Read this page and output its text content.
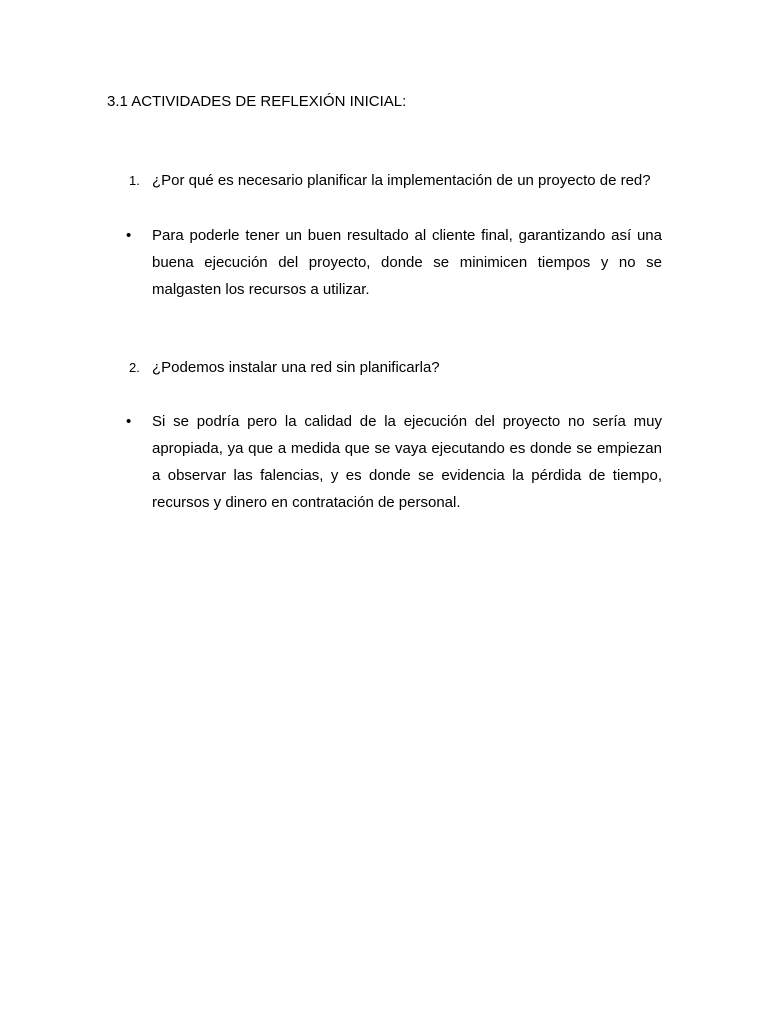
3.1 ACTIVIDADES DE REFLEXIÓN INICIAL:
1. ¿Por qué es necesario planificar la implementación de un proyecto de red?
•	Para poderle tener un buen resultado al cliente final, garantizando así una buena ejecución del proyecto, donde se minimicen tiempos y no se malgasten los recursos a utilizar.
2. ¿Podemos instalar una red sin planificarla?
•	Si se podría pero la calidad de la ejecución del proyecto no sería muy apropiada, ya que a medida que se vaya ejecutando es donde se empiezan a observar las falencias, y es donde se evidencia la pérdida de tiempo, recursos y dinero en contratación de personal.
